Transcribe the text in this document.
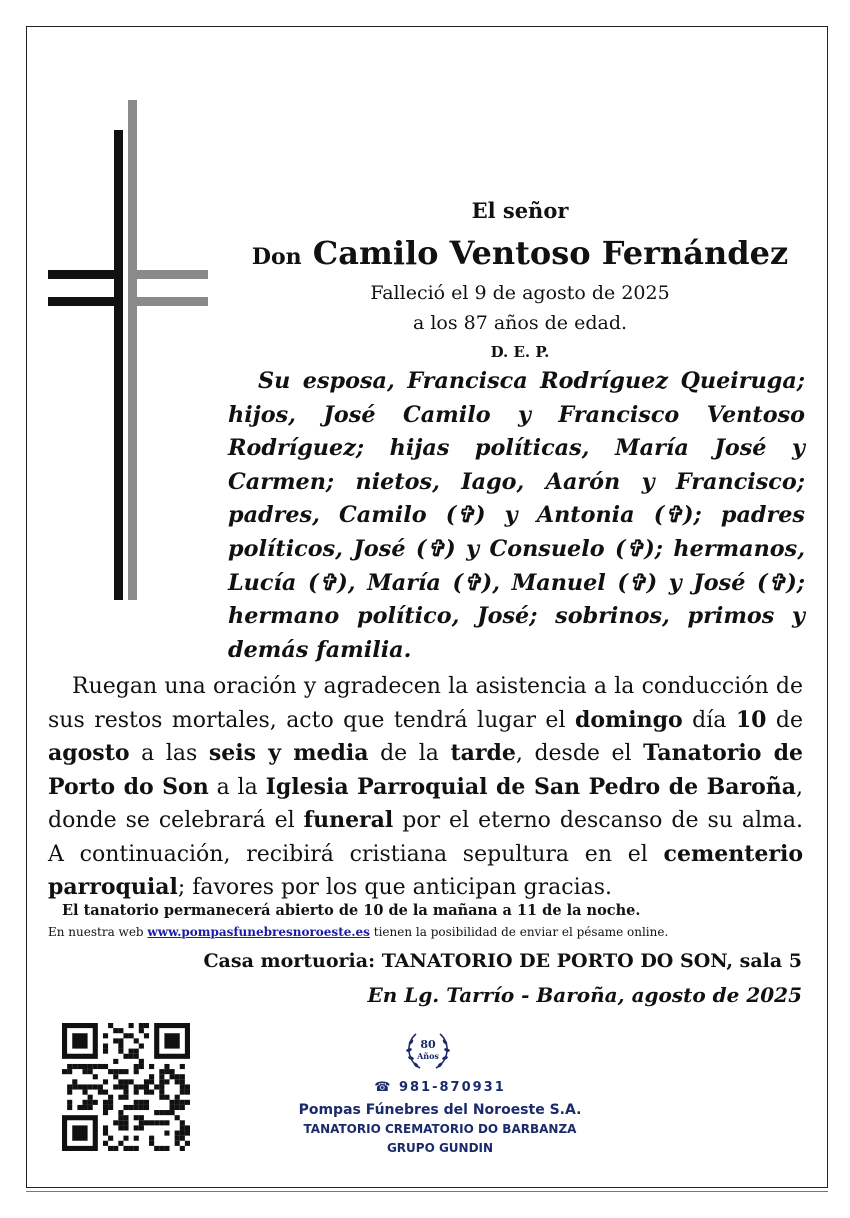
El señor
Don Camilo Ventoso Fernández
Falleció el 9 de agosto de 2025
a los 87 años de edad.
D. E. P.
Su esposa, Francisca Rodríguez Queiruga; hijos, José Camilo y Francisco Ventoso Rodríguez; hijas políticas, María José y Carmen; nietos, Iago, Aarón y Francisco; padres, Camilo (✞) y Antonia (✞); padres políticos, José (✞) y Consuelo (✞); hermanos, Lucía (✞), María (✞), Manuel (✞) y José (✞); hermano político, José; sobrinos, primos y demás familia.
Ruegan una oración y agradecen la asistencia a la conducción de sus restos mortales, acto que tendrá lugar el domingo día 10 de agosto a las seis y media de la tarde, desde el Tanatorio de Porto do Son a la Iglesia Parroquial de San Pedro de Baroña, donde se celebrará el funeral por el eterno descanso de su alma. A continuación, recibirá cristiana sepultura en el cementerio parroquial; favores por los que anticipan gracias.
El tanatorio permanecerá abierto de 10 de la mañana a 11 de la noche.
En nuestra web www.pompasfunebresnoroeste.es tienen la posibilidad de enviar el pésame online.
Casa mortuoria: TANATORIO DE PORTO DO SON, sala 5
En Lg. Tarrío - Baroña, agosto de 2025
80
Años
☎ 981-870931
Pompas Fúnebres del Noroeste S.A.
TANATORIO CREMATORIO DO BARBANZA
GRUPO GUNDIN
